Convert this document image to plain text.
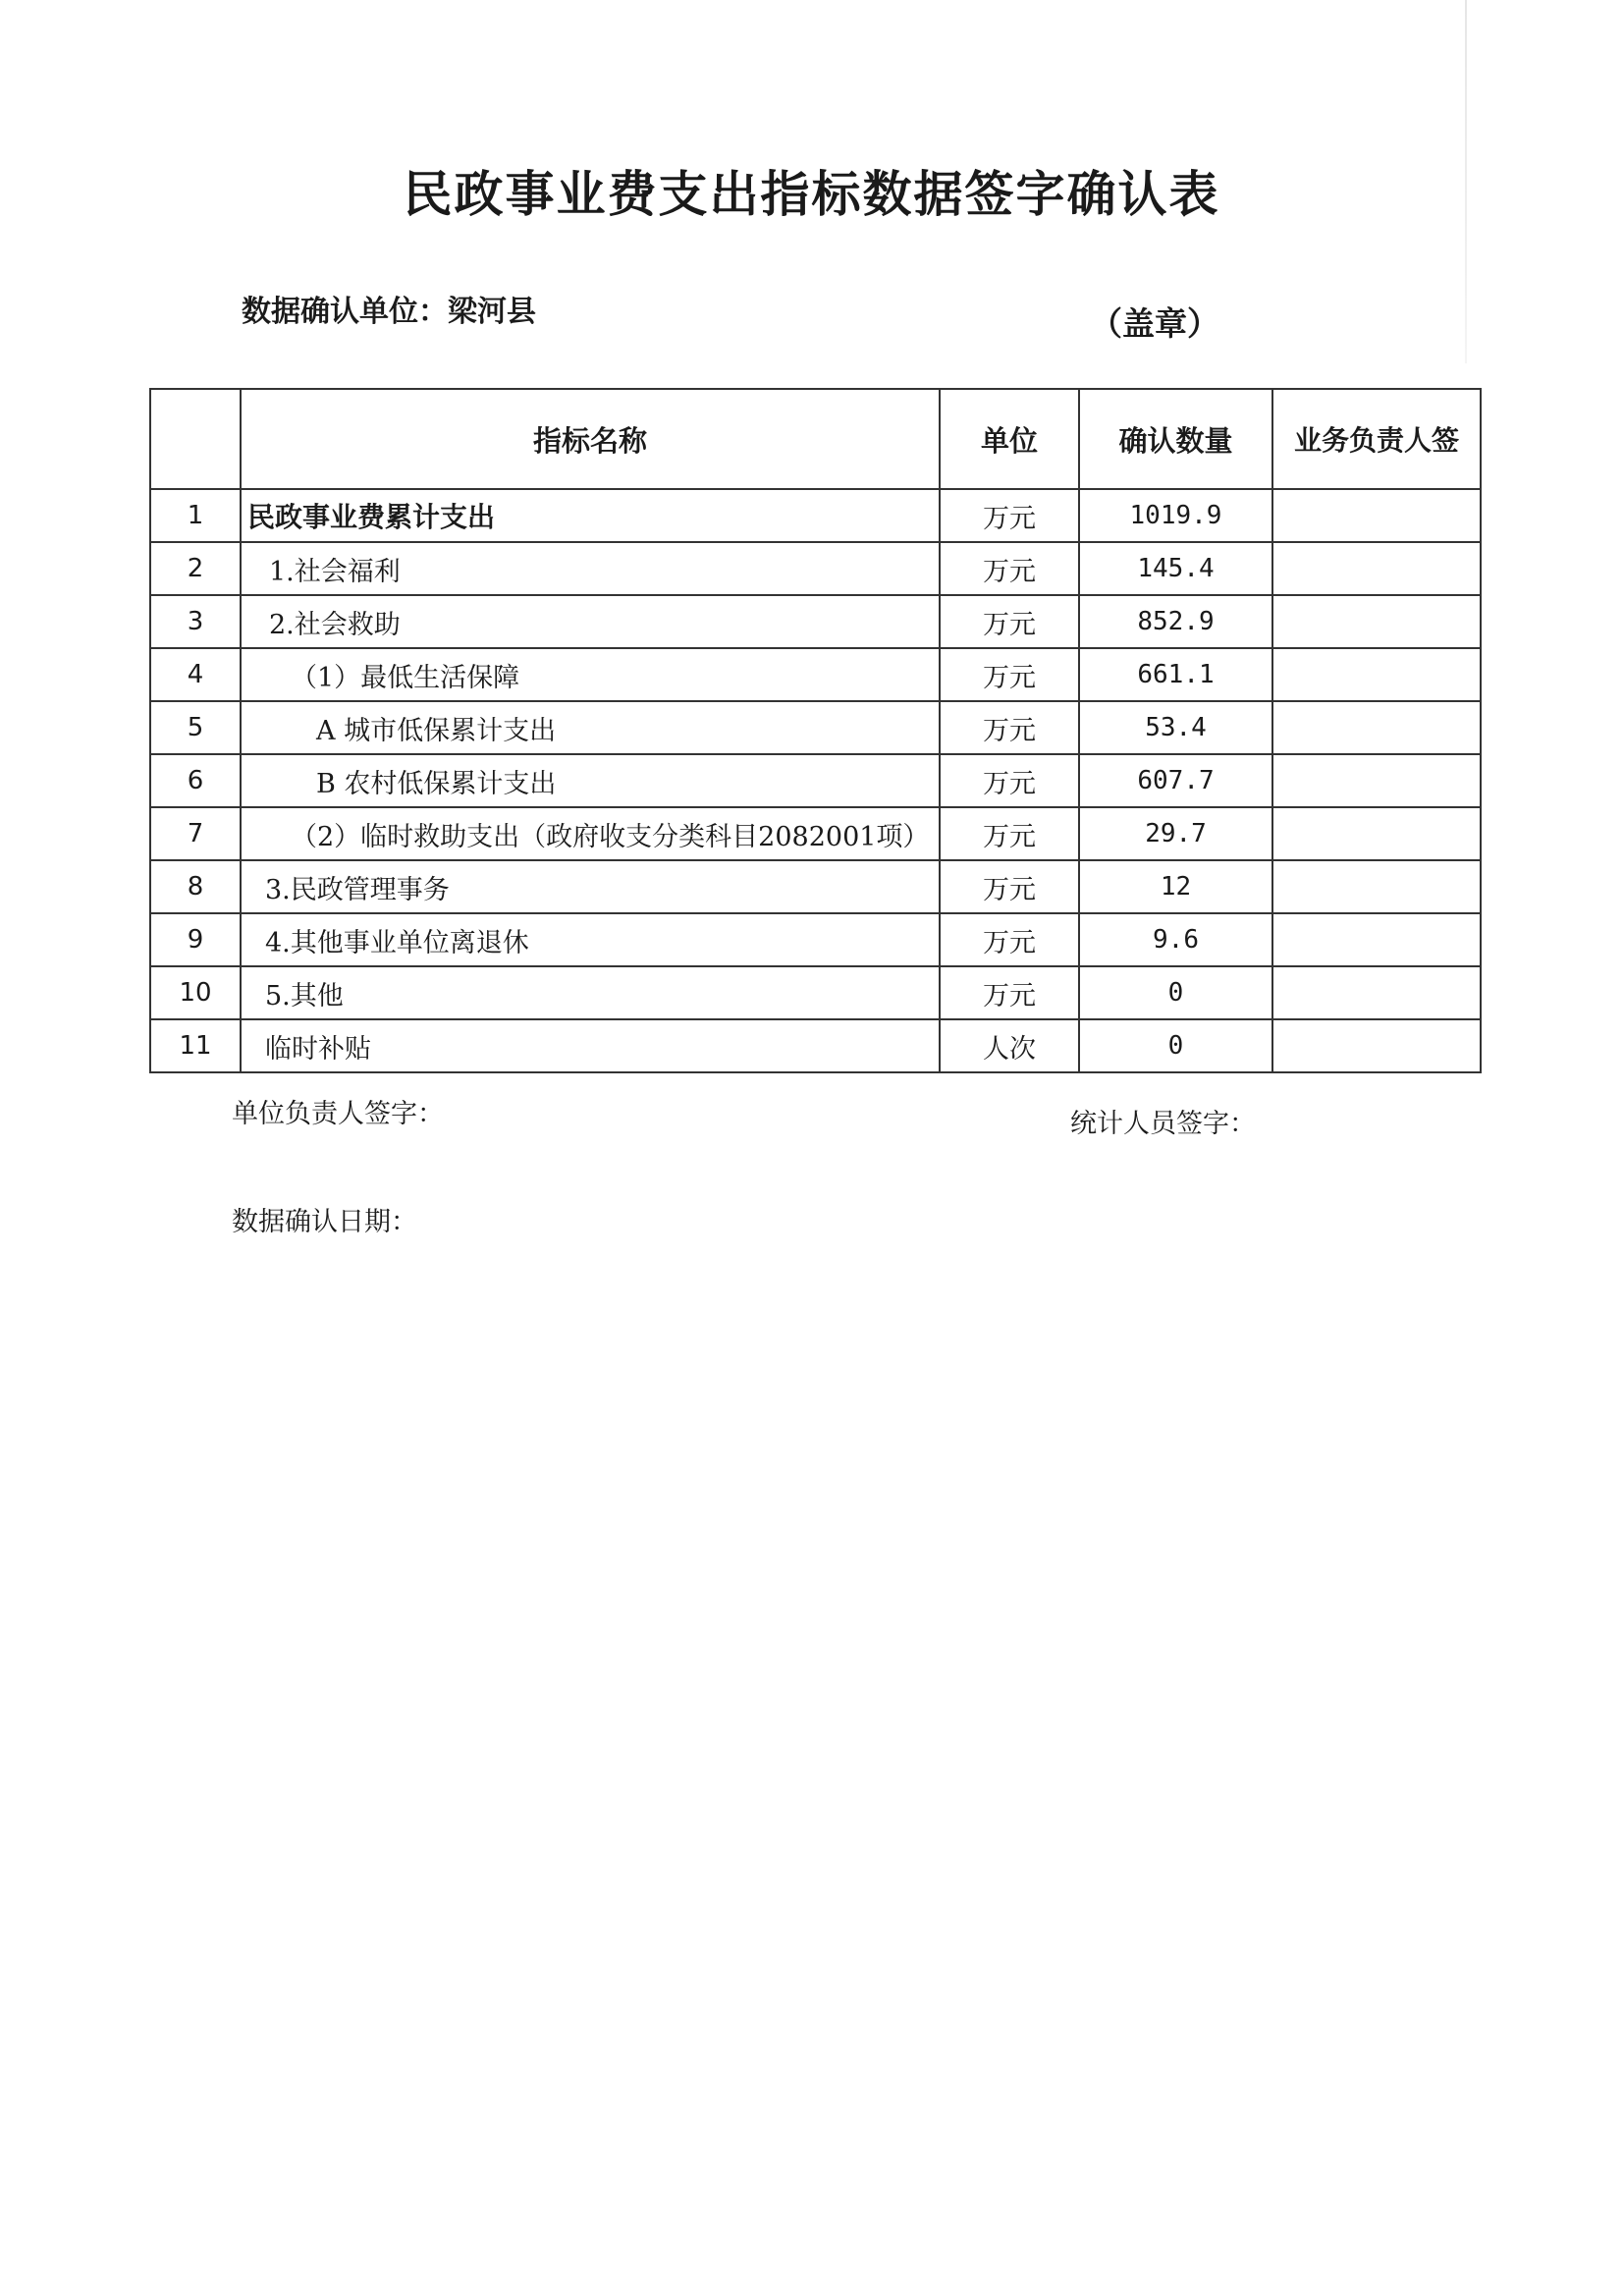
民政事业费支出指标数据签字确认表
数据确认单位：梁河县	（盖章）
	指标名称	单位	确认数量	业务负责人签
1	民政事业费累计支出	万元	1019.9	
2	1.社会福利	万元	145.4	
3	2.社会救助	万元	852.9	
4	（1）最低生活保障	万元	661.1	
5	A 城市低保累计支出	万元	53.4	
6	B 农村低保累计支出	万元	607.7	
7	（2）临时救助支出（政府收支分类科目2082001项）	万元	29.7	
8	3.民政管理事务	万元	12	
9	4.其他事业单位离退休	万元	9.6	
10	5.其他	万元	0	
11	临时补贴	人次	0	
单位负责人签字：	统计人员签字：
数据确认日期：
